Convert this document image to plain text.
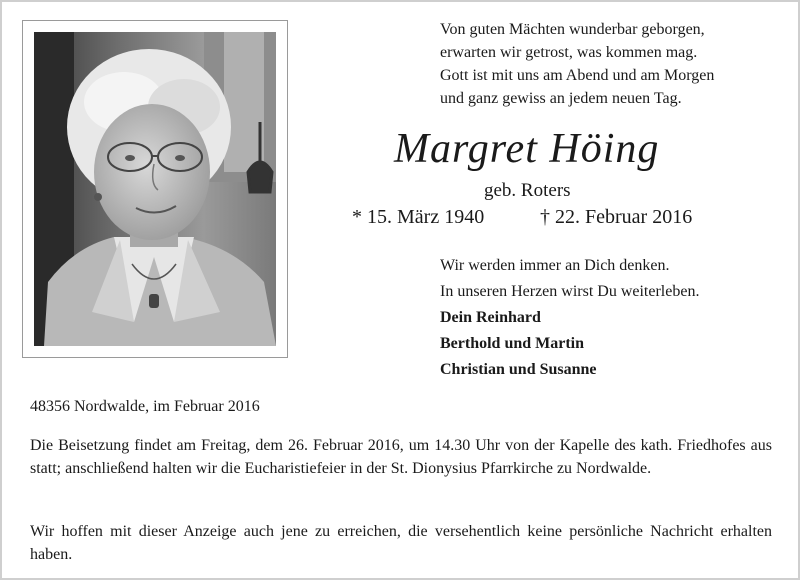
Von guten Mächten wunderbar geborgen,
erwarten wir getrost, was kommen mag.
Gott ist mit uns am Abend und am Morgen
und ganz gewiss an jedem neuen Tag.
Margret Höing
geb. Roters
* 15. März 1940	† 22. Februar 2016
Wir werden immer an Dich denken.
In unseren Herzen wirst Du weiterleben.
Dein Reinhard
Berthold und Martin
Christian und Susanne
48356 Nordwalde, im Februar 2016
Die Beisetzung findet am Freitag, dem 26. Februar 2016, um 14.30 Uhr von der Kapelle des kath. Friedhofes aus statt; anschließend halten wir die Eucharistiefeier in der St. Dionysius Pfarrkirche zu Nordwalde.
Wir hoffen mit dieser Anzeige auch jene zu erreichen, die versehentlich keine persönliche Nachricht erhalten haben.
